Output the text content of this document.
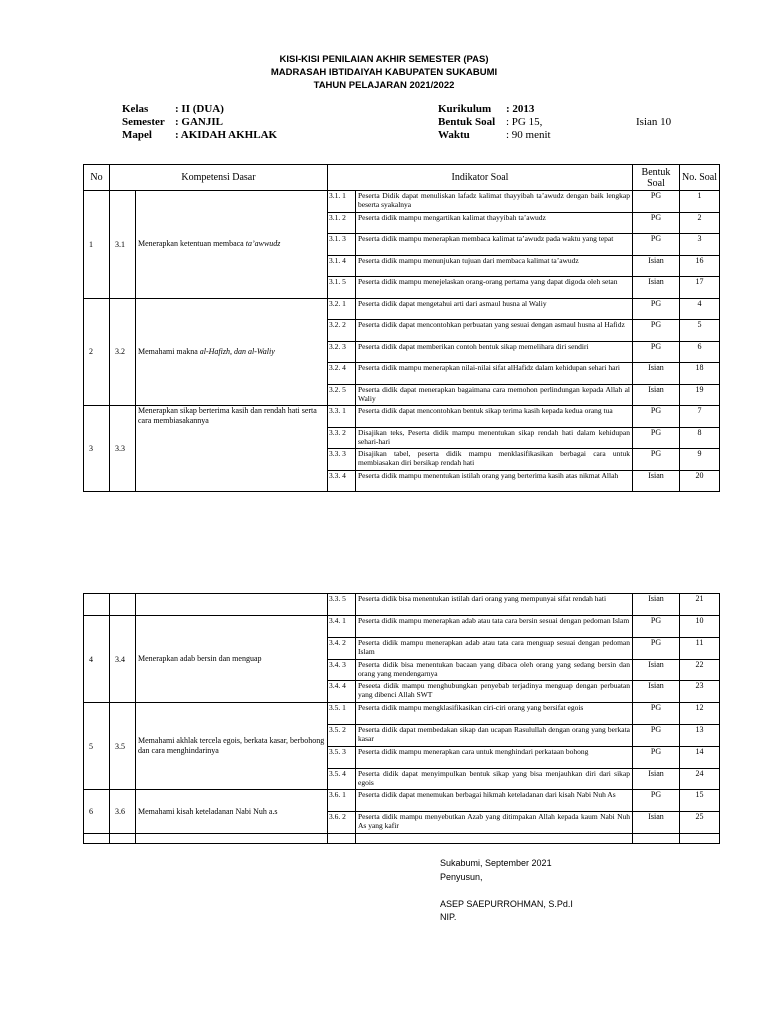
KISI-KISI PENILAIAN AKHIR SEMESTER (PAS)
MADRASAH IBTIDAIYAH KABUPATEN SUKABUMI
TAHUN PELAJARAN 2021/2022
Kelas : II (DUA)
Semester : GANJIL
Mapel : AKIDAH AKHLAK
Kurikulum : 2013
Bentuk Soal : PG 15,	Isian 10
Waktu	: 90 menit
No	Kompetensi Dasar		Indikator Soal		Bentuk Soal	No. Soal
1	3.1	Menerapkan ketentuan membaca ta’awwudz	3.1. 1	Peserta Didik dapat menuliskan lafadz kalimat thayyibah ta’awudz dengan baik lengkap beserta syakalnya	PG	1
			3.1. 2	Peserta didik mampu mengartikan kalimat thayyibah ta’awudz	PG	2
			3.1. 3	Peserta didik mampu menerapkan membaca kalimat ta’awudz pada waktu yang tepat	PG	3
			3.1. 4	Peserta didik mampu menunjukan tujuan dari membaca kalimat ta’awudz	Isian	16
			3.1. 5	Peserta didik mampu menejelaskan orang-orang pertama yang dapat digoda oleh setan	Isian	17
2	3.2	Memahami makna al-Hafizh, dan al-Waliy	3.2. 1	Peserta didik dapat mengetahui arti dari asmaul husna al Waliy	PG	4
			3.2. 2	Peserta didik dapat mencontohkan perbuatan yang sesuai dengan asmaul husna al Hafidz	PG	5
			3.2. 3	Peserta didik dapat memberikan contoh bentuk sikap memelihara diri sendiri	PG	6
			3.2. 4	Peserta didik mampu menerapkan nilai-nilai sifat alHafidz dalam kehidupan sehari hari	Isian	18
			3.2. 5	Peserta didik dapat menerapkan bagaimana cara memohon perlindungan kepada Allah al Waliy	Isian	19
3	3.3	Menerapkan sikap berterima kasih dan rendah hati serta cara membiasakannya	3.3. 1	Peserta didik dapat mencontohkan bentuk sikap terima kasih kepada kedua orang tua	PG	7
			3.3. 2	Disajikan teks, Peserta didik mampu menentukan sikap rendah hati dalam kehidupan sehari-hari	PG	8
			3.3. 3	Disajikan tabel, peserta didik mampu menklasifikasikan berbagai cara untuk membiasakan diri bersikap rendah hati	PG	9
			3.3. 4	Peserta didik mampu menentukan istilah orang yang berterima kasih atas nikmat Allah	Isian	20
			3.3. 5	Peserta didik bisa menentukan istilah dari orang yang mempunyai sifat rendah hati	Isian	21
4	3.4	Menerapkan adab bersin dan menguap	3.4. 1	Peserta didik mampu menerapkan adab atau tata cara bersin sesuai dengan pedoman Islam	PG	10
			3.4. 2	Peserta didik mampu menerapkan adab atau tata cara menguap sesuai dengan pedoman Islam	PG	11
			3.4. 3	Peserta didik bisa menentukan bacaan yang dibaca oleh orang yang sedang bersin dan orang yang mendengarnya	Isian	22
			3.4. 4	Peseeta didik mampu menghubungkan penyebab terjadinya menguap dengan perbuatan yang dibenci Allah SWT	Isian	23
5	3.5	Memahami akhlak tercela egois, berkata kasar, berbohong dan cara menghindarinya	3.5. 1	Peserta didik mampu mengklasifikasikan ciri-ciri orang yang bersifat egois	PG	12
			3.5. 2	Peserta didik dapat membedakan sikap dan ucapan Rasulullah dengan orang yang berkata kasar	PG	13
			3.5. 3	Peserta didik mampu menerapkan cara untuk menghindari perkataan bohong	PG	14
			3.5. 4	Peserta didik dapat menyimpulkan bentuk sikap yang bisa menjauhkan diri dari sikap egois	Isian	24
6	3.6	Memahami kisah keteladanan Nabi Nuh a.s	3.6. 1	Peserta didik dapat menemukan berbagai hikmah keteladanan dari kisah Nabi Nuh As	PG	15
			3.6. 2	Peserta didik mampu menyebutkan Azab yang ditimpakan Allah kepada kaum Nabi Nuh As yang kafir	Isian	25

Sukabumi, September 2021
Penyusun,
ASEP SAEPURROHMAN, S.Pd.I
NIP.
